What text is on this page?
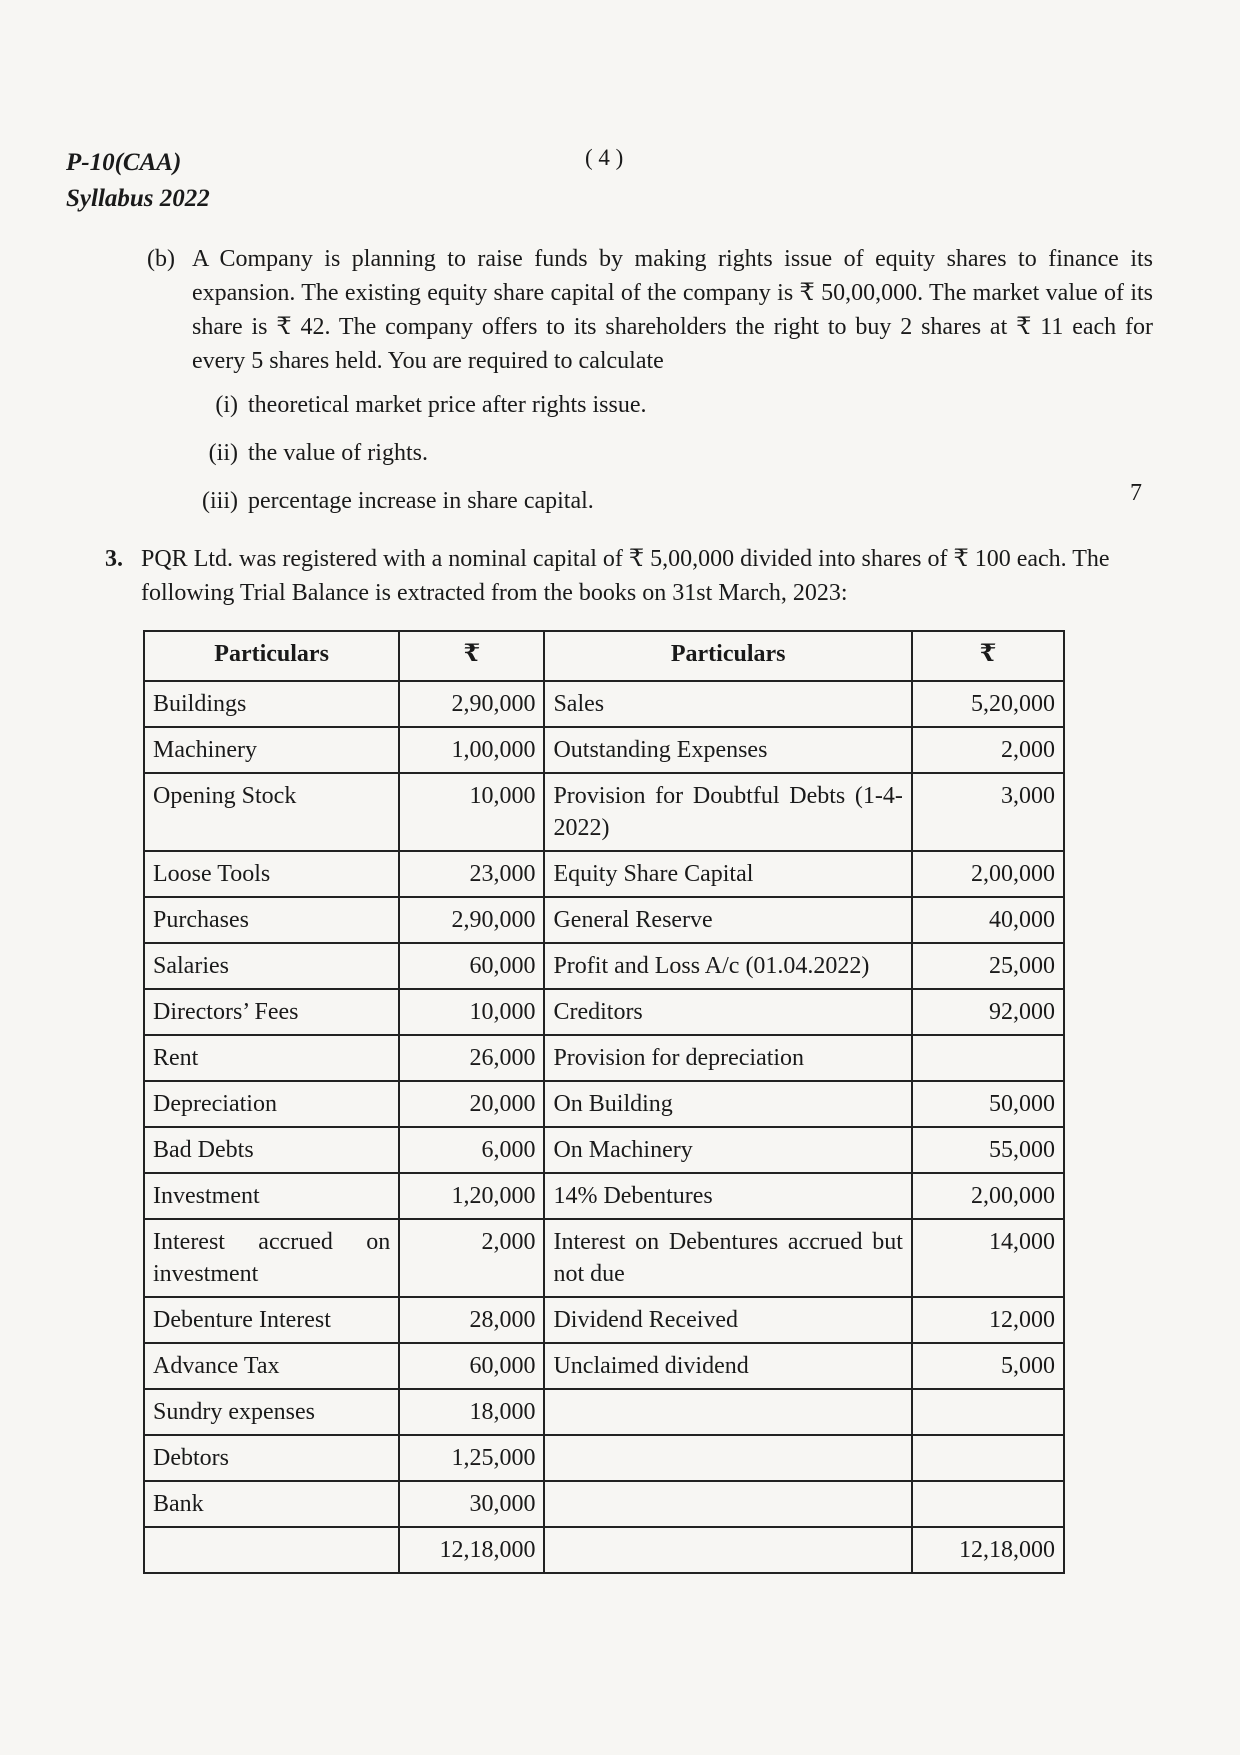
P-10(CAA)
Syllabus 2022
( 4 )
(b) A Company is planning to raise funds by making rights issue of equity shares to finance its expansion. The existing equity share capital of the company is ₹ 50,00,000. The market value of its share is ₹ 42. The company offers to its shareholders the right to buy 2 shares at ₹ 11 each for every 5 shares held. You are required to calculate
(i) theoretical market price after rights issue.
(ii) the value of rights.
(iii) percentage increase in share capital.	7
3. PQR Ltd. was registered with a nominal capital of ₹ 5,00,000 divided into shares of ₹ 100 each. The following Trial Balance is extracted from the books on 31st March, 2023:
Particulars	₹	Particulars	₹
Buildings	2,90,000	Sales	5,20,000
Machinery	1,00,000	Outstanding Expenses	2,000
Opening Stock	10,000	Provision for Doubtful Debts (1-4-2022)	3,000
Loose Tools	23,000	Equity Share Capital	2,00,000
Purchases	2,90,000	General Reserve	40,000
Salaries	60,000	Profit and Loss A/c (01.04.2022)	25,000
Directors’ Fees	10,000	Creditors	92,000
Rent	26,000	Provision for depreciation	
Depreciation	20,000	On Building	50,000
Bad Debts	6,000	On Machinery	55,000
Investment	1,20,000	14% Debentures	2,00,000
Interest accrued on investment	2,000	Interest on Debentures accrued but not due	14,000
Debenture Interest	28,000	Dividend Received	12,000
Advance Tax	60,000	Unclaimed dividend	5,000
Sundry expenses	18,000		
Debtors	1,25,000		
Bank	30,000		
	12,18,000		12,18,000
